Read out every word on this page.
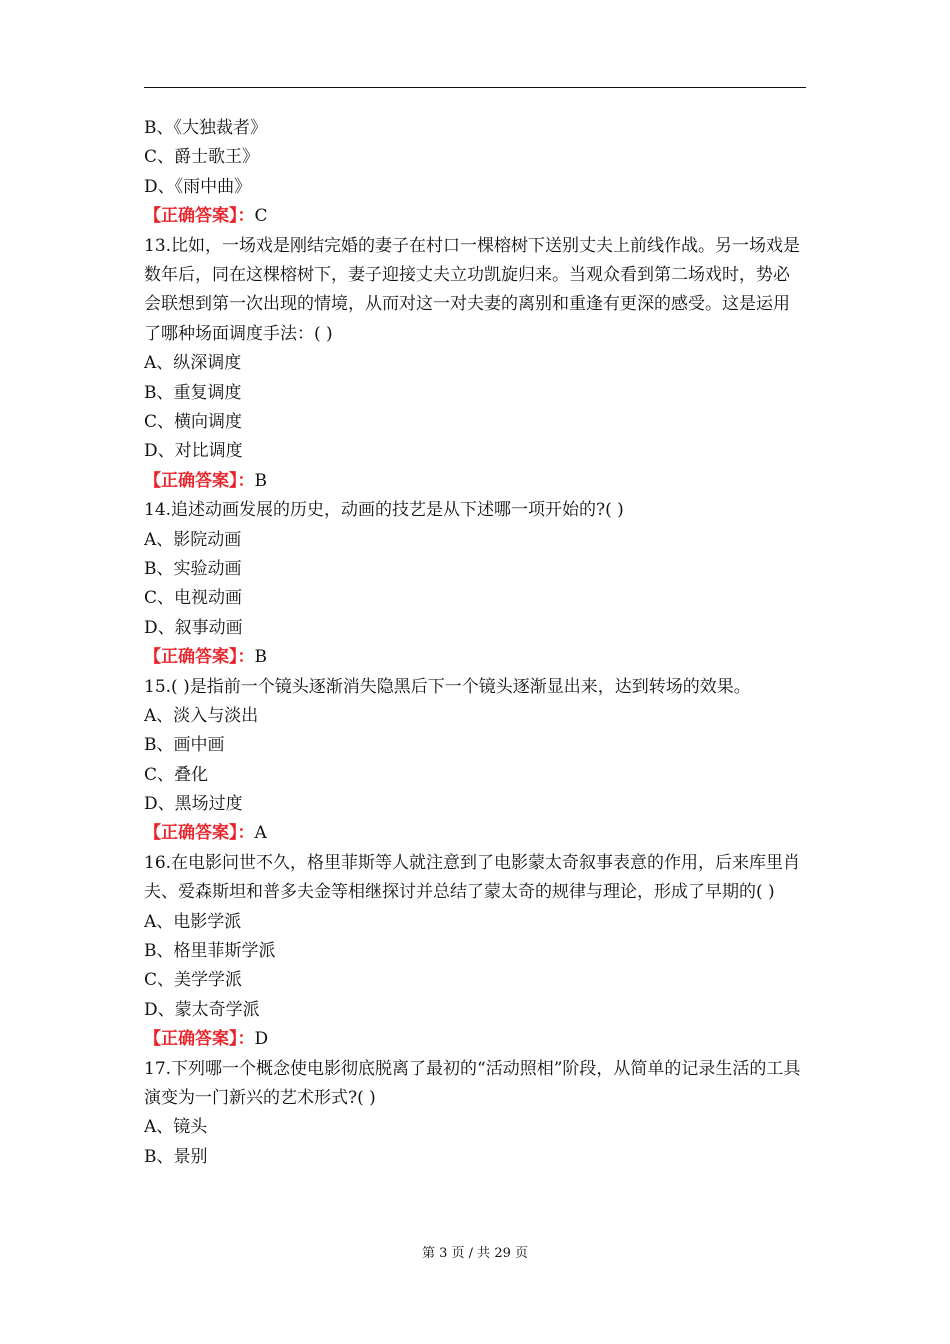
B、《大独裁者》
C、爵士歌王》
D、《雨中曲》
【正确答案】：C
13.比如，一场戏是刚结完婚的妻子在村口一棵榕树下送别丈夫上前线作战。另一场戏是数年后，同在这棵榕树下，妻子迎接丈夫立功凯旋归来。当观众看到第二场戏时，势必会联想到第一次出现的情境，从而对这一对夫妻的离别和重逢有更深的感受。这是运用了哪种场面调度手法：( )
A、纵深调度
B、重复调度
C、横向调度
D、对比调度
【正确答案】：B
14.追述动画发展的历史，动画的技艺是从下述哪一项开始的?( )
A、影院动画
B、实验动画
C、电视动画
D、叙事动画
【正确答案】：B
15.( )是指前一个镜头逐渐消失隐黑后下一个镜头逐渐显出来，达到转场的效果。
A、淡入与淡出
B、画中画
C、叠化
D、黑场过度
【正确答案】：A
16.在电影问世不久，格里菲斯等人就注意到了电影蒙太奇叙事表意的作用，后来库里肖夫、爱森斯坦和普多夫金等相继探讨并总结了蒙太奇的规律与理论，形成了早期的( )
A、电影学派
B、格里菲斯学派
C、美学学派
D、蒙太奇学派
【正确答案】：D
17.下列哪一个概念使电影彻底脱离了最初的“活动照相”阶段，从简单的记录生活的工具演变为一门新兴的艺术形式?( )
A、镜头
B、景别
第 3 页 / 共 29 页
